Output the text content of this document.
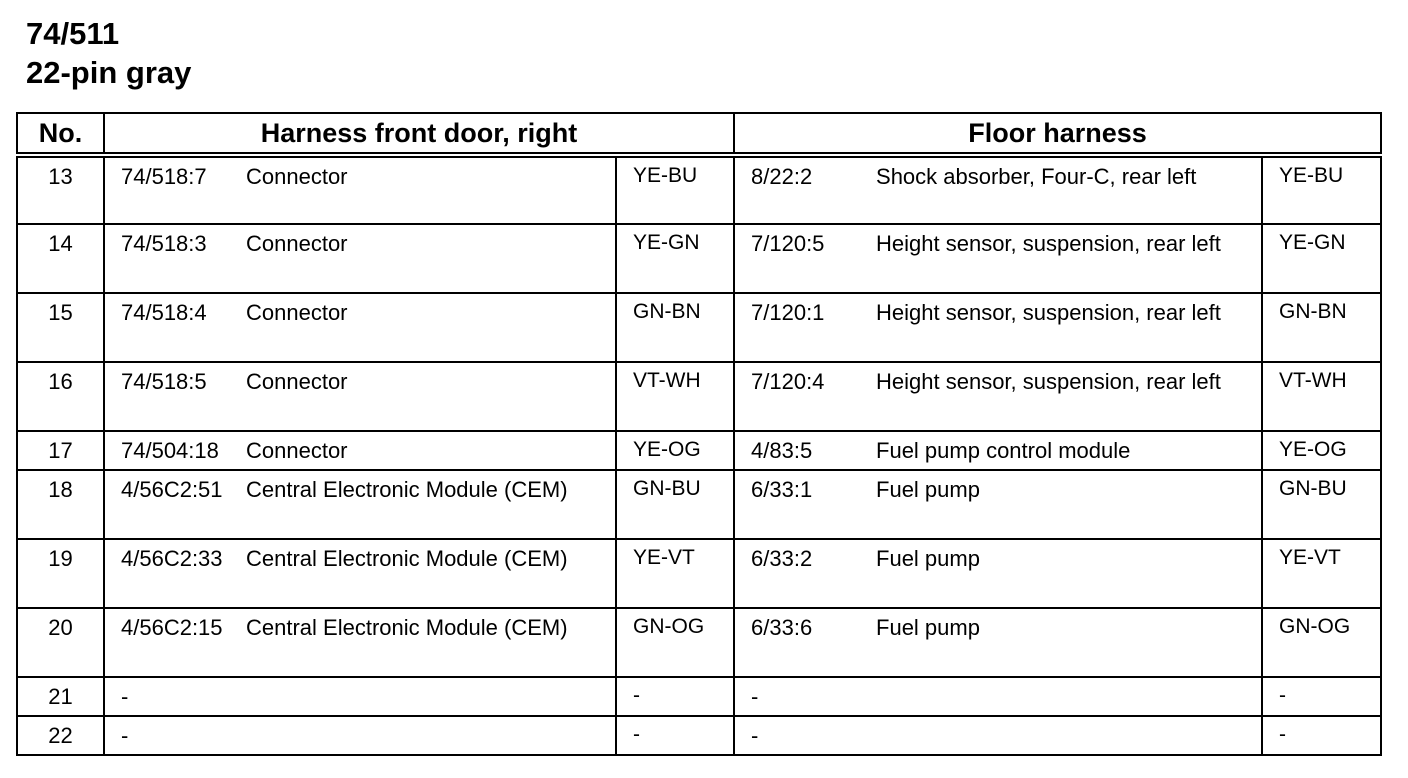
74/511
22-pin gray
No.	Harness front door, right			Floor harness		
13	74/518:7	Connector	YE-BU	8/22:2	Shock absorber, Four-C, rear left	YE-BU
14	74/518:3	Connector	YE-GN	7/120:5	Height sensor, suspension, rear left	YE-GN
15	74/518:4	Connector	GN-BN	7/120:1	Height sensor, suspension, rear left	GN-BN
16	74/518:5	Connector	VT-WH	7/120:4	Height sensor, suspension, rear left	VT-WH
17	74/504:18	Connector	YE-OG	4/83:5	Fuel pump control module	YE-OG
18	4/56C2:51	Central Electronic Module (CEM)	GN-BU	6/33:1	Fuel pump	GN-BU
19	4/56C2:33	Central Electronic Module (CEM)	YE-VT	6/33:2	Fuel pump	YE-VT
20	4/56C2:15	Central Electronic Module (CEM)	GN-OG	6/33:6	Fuel pump	GN-OG
21	-		-	-		-
22	-		-	-		-
